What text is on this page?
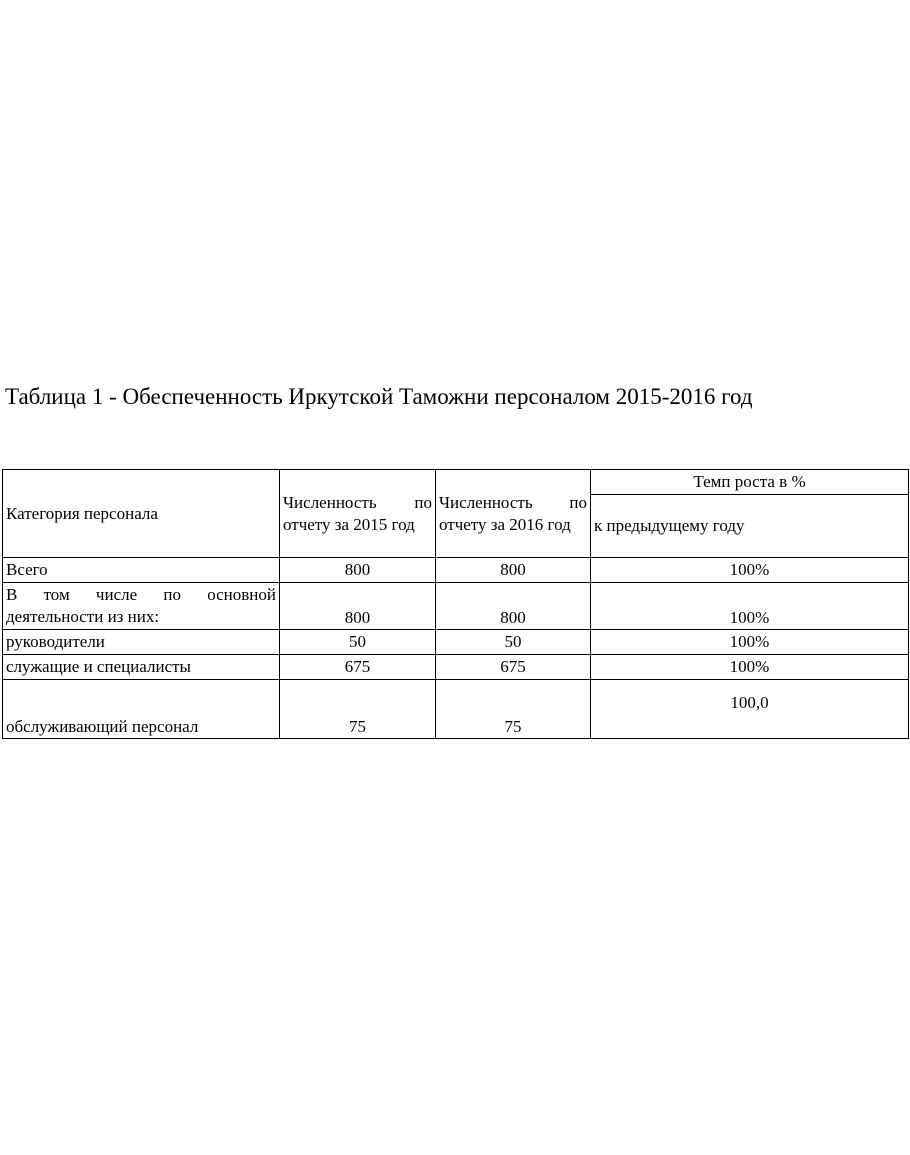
Таблица 1 - Обеспеченность Иркутской Таможни персоналом 2015-2016 год
Категория персонала	Численность по отчету за 2015 год	Численность по отчету за 2016 год	Темп роста в %
			к предыдущему году
Всего	800	800	100%
В том числе по основной деятельности из них:	800	800	100%
руководители	50	50	100%
служащие и специалисты	675	675	100%
обслуживающий персонал	75	75	100,0
